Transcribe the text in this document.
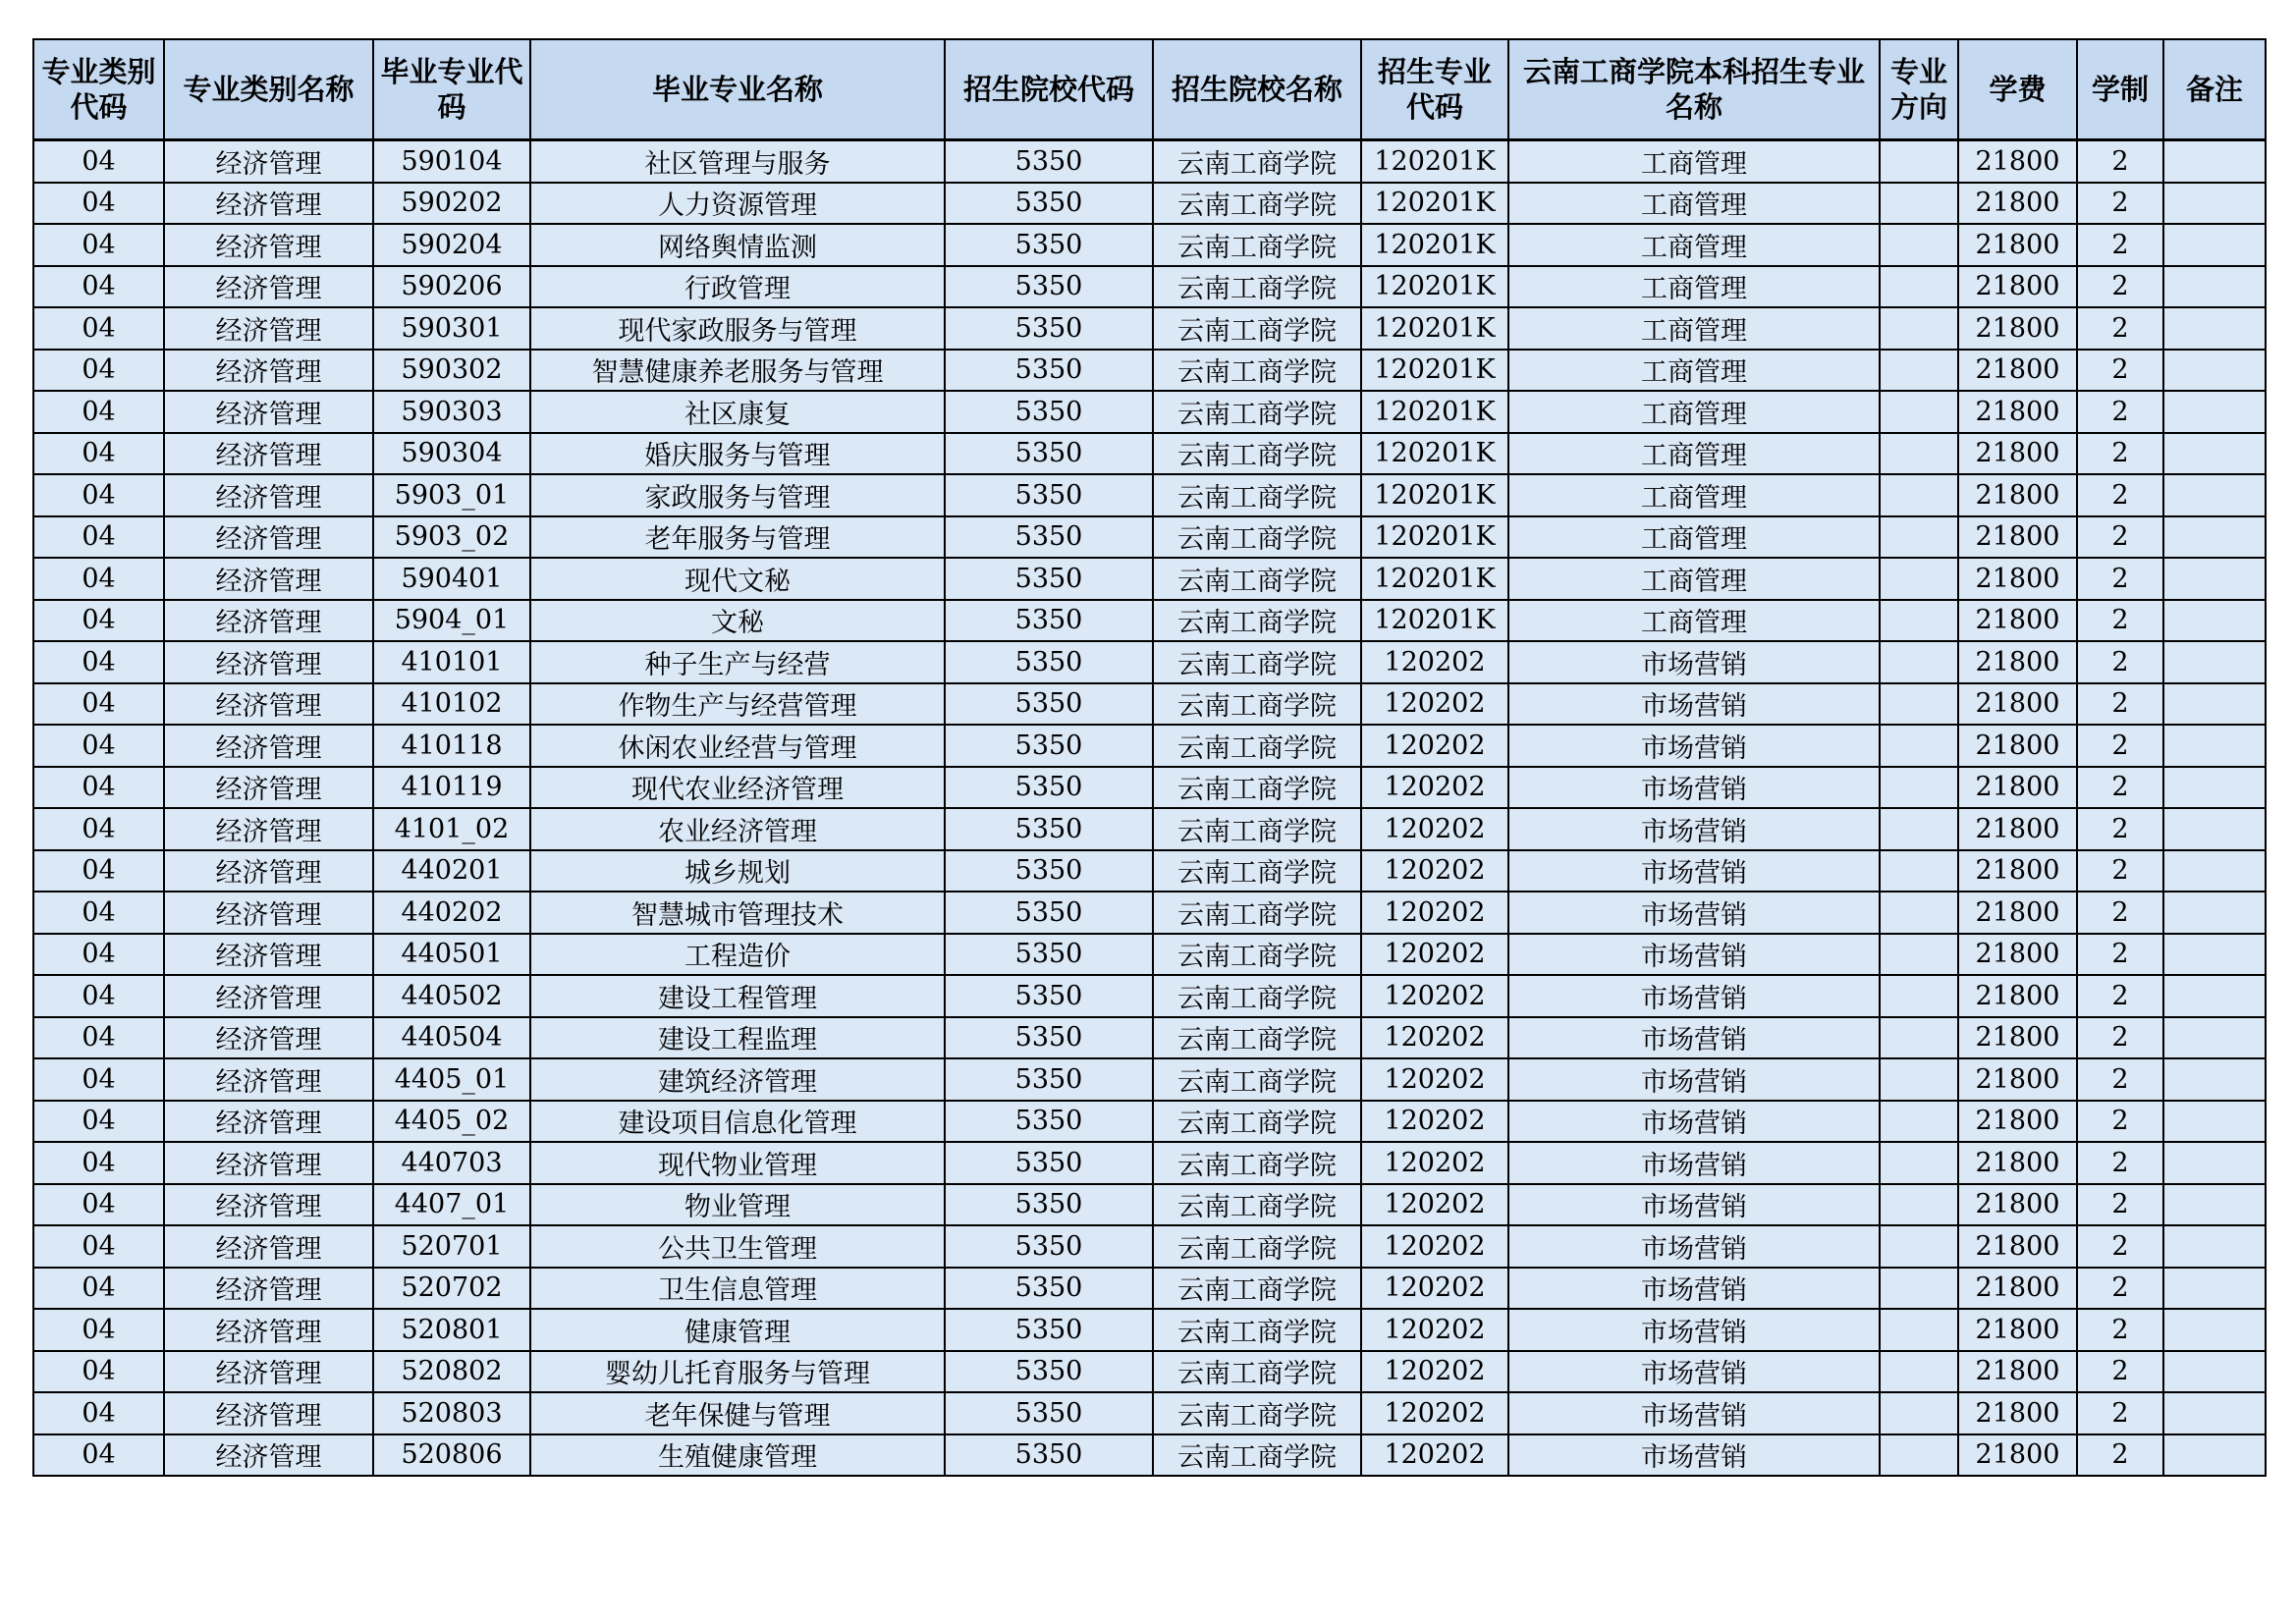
专业类别代码	专业类别名称	毕业专业代码	毕业专业名称	招生院校代码	招生院校名称	招生专业代码	云南工商学院本科招生专业名称	专业方向	学费	学制	备注
04	经济管理	590104	社区管理与服务	5350	云南工商学院	120201K	工商管理		21800	2	
04	经济管理	590202	人力资源管理	5350	云南工商学院	120201K	工商管理		21800	2	
04	经济管理	590204	网络舆情监测	5350	云南工商学院	120201K	工商管理		21800	2	
04	经济管理	590206	行政管理	5350	云南工商学院	120201K	工商管理		21800	2	
04	经济管理	590301	现代家政服务与管理	5350	云南工商学院	120201K	工商管理		21800	2	
04	经济管理	590302	智慧健康养老服务与管理	5350	云南工商学院	120201K	工商管理		21800	2	
04	经济管理	590303	社区康复	5350	云南工商学院	120201K	工商管理		21800	2	
04	经济管理	590304	婚庆服务与管理	5350	云南工商学院	120201K	工商管理		21800	2	
04	经济管理	5903_01	家政服务与管理	5350	云南工商学院	120201K	工商管理		21800	2	
04	经济管理	5903_02	老年服务与管理	5350	云南工商学院	120201K	工商管理		21800	2	
04	经济管理	590401	现代文秘	5350	云南工商学院	120201K	工商管理		21800	2	
04	经济管理	5904_01	文秘	5350	云南工商学院	120201K	工商管理		21800	2	
04	经济管理	410101	种子生产与经营	5350	云南工商学院	120202	市场营销		21800	2	
04	经济管理	410102	作物生产与经营管理	5350	云南工商学院	120202	市场营销		21800	2	
04	经济管理	410118	休闲农业经营与管理	5350	云南工商学院	120202	市场营销		21800	2	
04	经济管理	410119	现代农业经济管理	5350	云南工商学院	120202	市场营销		21800	2	
04	经济管理	4101_02	农业经济管理	5350	云南工商学院	120202	市场营销		21800	2	
04	经济管理	440201	城乡规划	5350	云南工商学院	120202	市场营销		21800	2	
04	经济管理	440202	智慧城市管理技术	5350	云南工商学院	120202	市场营销		21800	2	
04	经济管理	440501	工程造价	5350	云南工商学院	120202	市场营销		21800	2	
04	经济管理	440502	建设工程管理	5350	云南工商学院	120202	市场营销		21800	2	
04	经济管理	440504	建设工程监理	5350	云南工商学院	120202	市场营销		21800	2	
04	经济管理	4405_01	建筑经济管理	5350	云南工商学院	120202	市场营销		21800	2	
04	经济管理	4405_02	建设项目信息化管理	5350	云南工商学院	120202	市场营销		21800	2	
04	经济管理	440703	现代物业管理	5350	云南工商学院	120202	市场营销		21800	2	
04	经济管理	4407_01	物业管理	5350	云南工商学院	120202	市场营销		21800	2	
04	经济管理	520701	公共卫生管理	5350	云南工商学院	120202	市场营销		21800	2	
04	经济管理	520702	卫生信息管理	5350	云南工商学院	120202	市场营销		21800	2	
04	经济管理	520801	健康管理	5350	云南工商学院	120202	市场营销		21800	2	
04	经济管理	520802	婴幼儿托育服务与管理	5350	云南工商学院	120202	市场营销		21800	2	
04	经济管理	520803	老年保健与管理	5350	云南工商学院	120202	市场营销		21800	2	
04	经济管理	520806	生殖健康管理	5350	云南工商学院	120202	市场营销		21800	2	
